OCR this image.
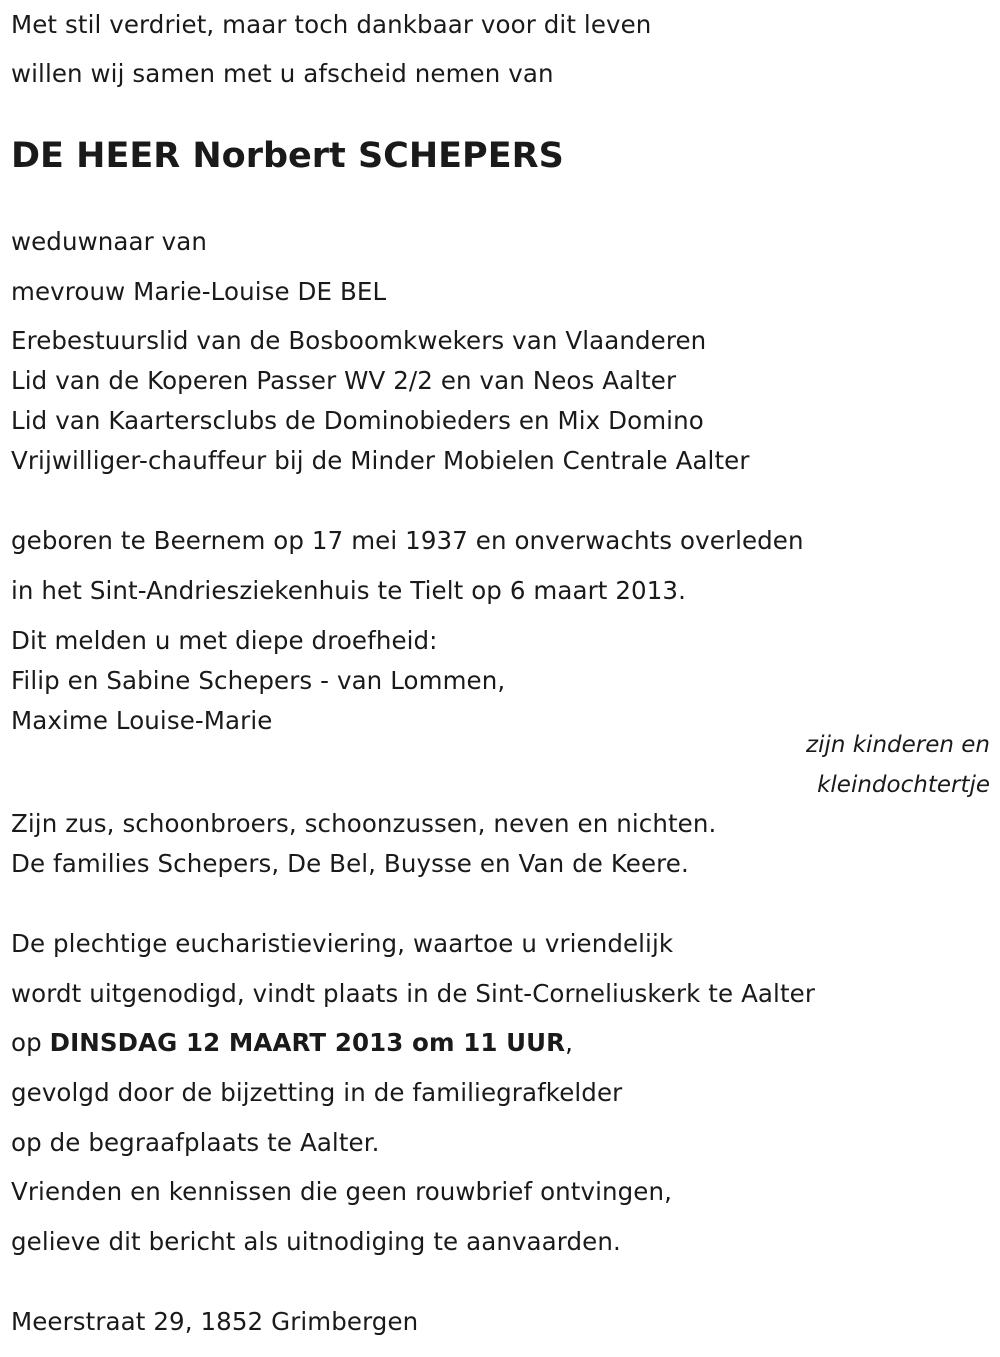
Met stil verdriet, maar toch dankbaar voor dit leven
willen wij samen met u afscheid nemen van
DE HEER Norbert SCHEPERS
weduwnaar van
mevrouw Marie-Louise DE BEL
Erebestuurslid van de Bosboomkwekers van Vlaanderen
Lid van de Koperen Passer WV 2/2 en van Neos Aalter
Lid van Kaartersclubs de Dominobieders en Mix Domino
Vrijwilliger-chauffeur bij de Minder Mobielen Centrale Aalter
geboren te Beernem op 17 mei 1937 en onverwachts overleden
in het Sint-Andriesziekenhuis te Tielt op 6 maart 2013.
Dit melden u met diepe droefheid:
Filip en Sabine Schepers - van Lommen,
Maxime Louise-Marie
zijn kinderen en
kleindochtertje
Zijn zus, schoonbroers, schoonzussen, neven en nichten.
De families Schepers, De Bel, Buysse en Van de Keere.
De plechtige eucharistieviering, waartoe u vriendelijk
wordt uitgenodigd, vindt plaats in de Sint-Corneliuskerk te Aalter
op DINSDAG 12 MAART 2013 om 11 UUR,
gevolgd door de bijzetting in de familiegrafkelder
op de begraafplaats te Aalter.
Vrienden en kennissen die geen rouwbrief ontvingen,
gelieve dit bericht als uitnodiging te aanvaarden.
Meerstraat 29, 1852 Grimbergen
